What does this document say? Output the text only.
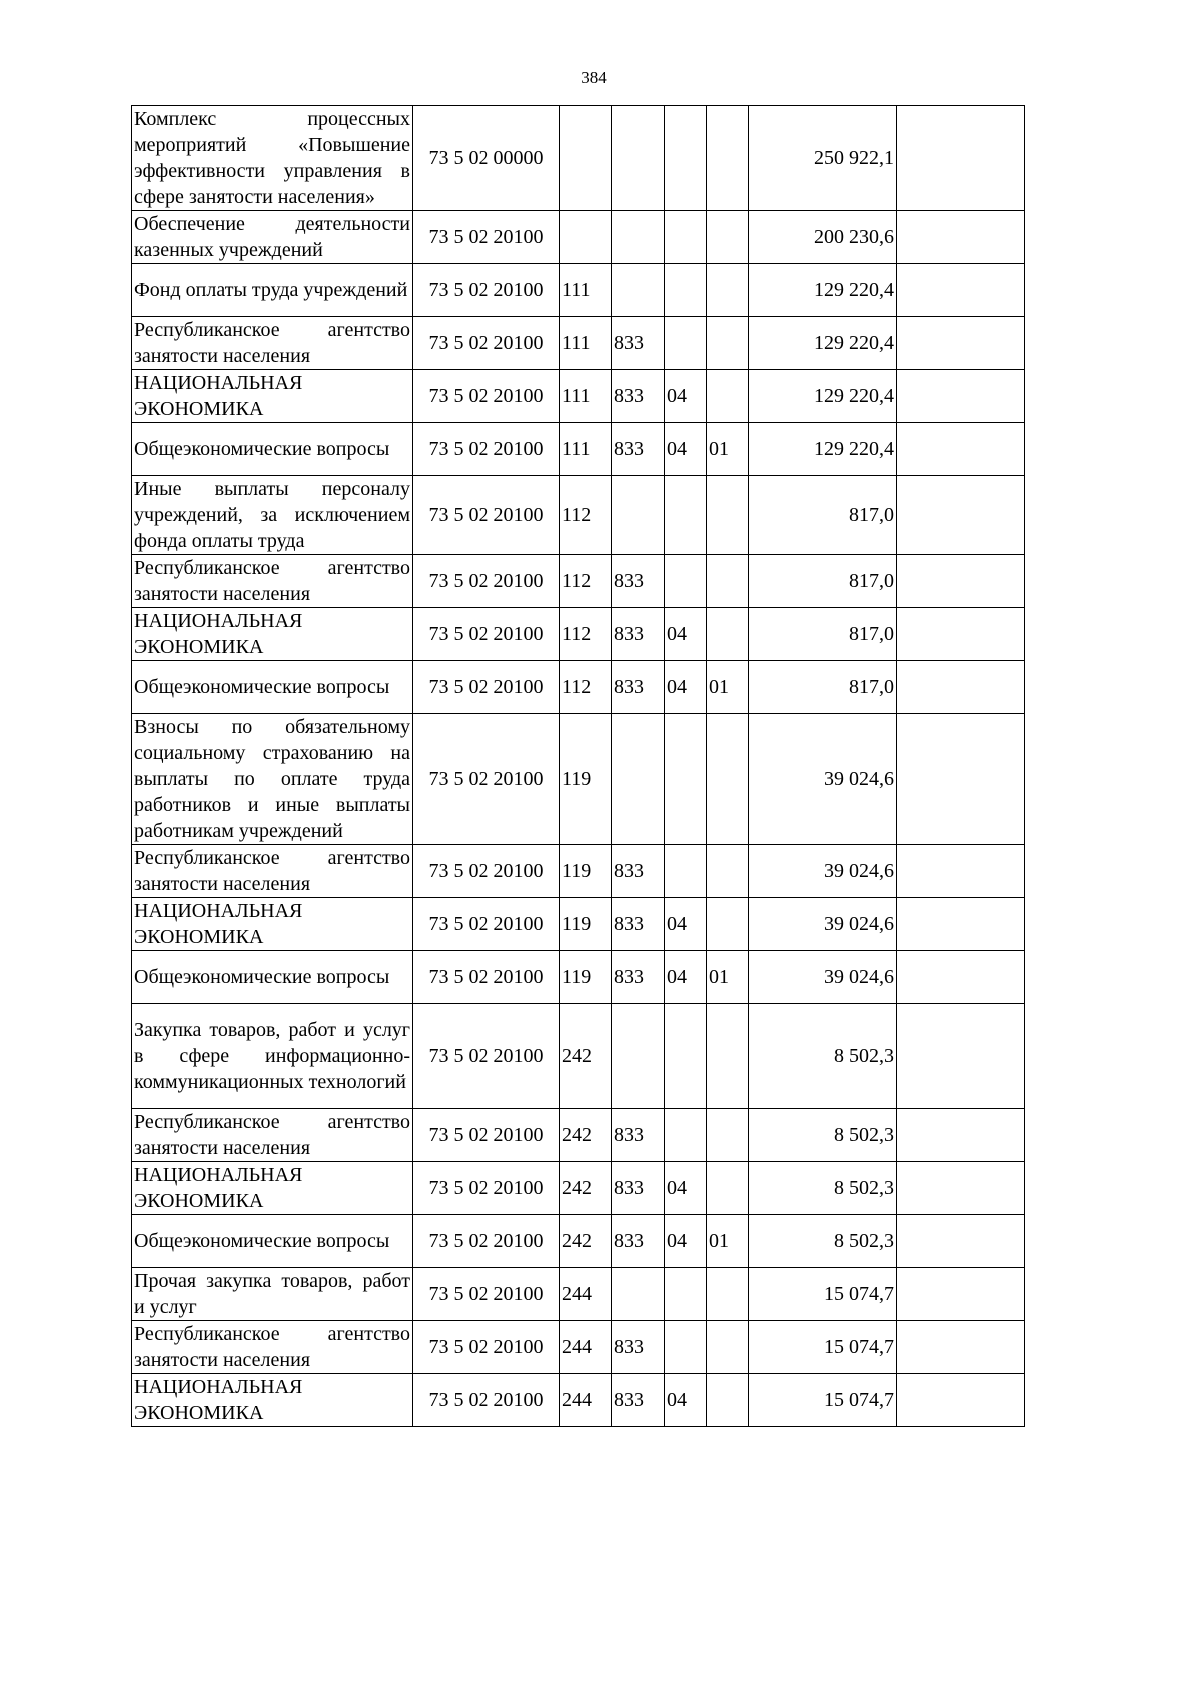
384
Комплекс процессных мероприятий «Повышение эффективности управления в сфере занятости населения»	73 5 02 00000					250 922,1	
Обеспечение деятельности казенных учреждений	73 5 02 20100					200 230,6	
Фонд оплаты труда учреждений	73 5 02 20100	111				129 220,4	
Республиканское агентство занятости населения	73 5 02 20100	111	833			129 220,4	
НАЦИОНАЛЬНАЯ ЭКОНОМИКА	73 5 02 20100	111	833	04		129 220,4	
Общеэкономические вопросы	73 5 02 20100	111	833	04	01	129 220,4	
Иные выплаты персоналу учреждений, за исключением фонда оплаты труда	73 5 02 20100	112				817,0	
Республиканское агентство занятости населения	73 5 02 20100	112	833			817,0	
НАЦИОНАЛЬНАЯ ЭКОНОМИКА	73 5 02 20100	112	833	04		817,0	
Общеэкономические вопросы	73 5 02 20100	112	833	04	01	817,0	
Взносы по обязательному социальному страхованию на выплаты по оплате труда работников и иные выплаты работникам учреждений	73 5 02 20100	119				39 024,6	
Республиканское агентство занятости населения	73 5 02 20100	119	833			39 024,6	
НАЦИОНАЛЬНАЯ ЭКОНОМИКА	73 5 02 20100	119	833	04		39 024,6	
Общеэкономические вопросы	73 5 02 20100	119	833	04	01	39 024,6	
Закупка товаров, работ и услуг в сфере информационно-коммуникационных технологий	73 5 02 20100	242				8 502,3	
Республиканское агентство занятости населения	73 5 02 20100	242	833			8 502,3	
НАЦИОНАЛЬНАЯ ЭКОНОМИКА	73 5 02 20100	242	833	04		8 502,3	
Общеэкономические вопросы	73 5 02 20100	242	833	04	01	8 502,3	
Прочая закупка товаров, работ и услуг	73 5 02 20100	244				15 074,7	
Республиканское агентство занятости населения	73 5 02 20100	244	833			15 074,7	
НАЦИОНАЛЬНАЯ ЭКОНОМИКА	73 5 02 20100	244	833	04		15 074,7	
